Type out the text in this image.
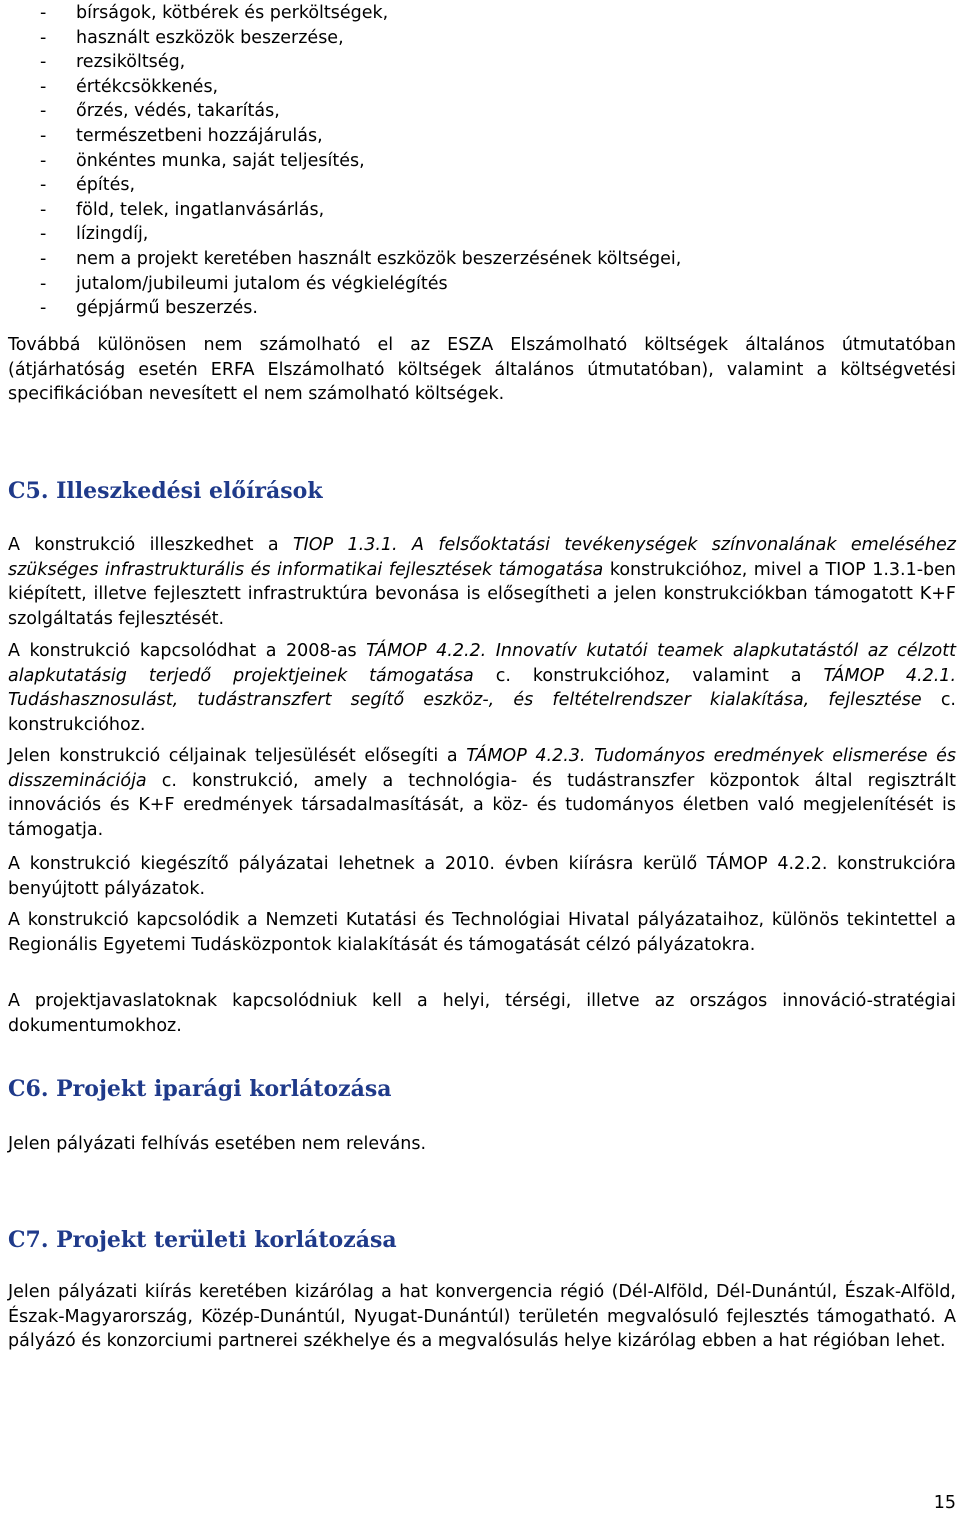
- bírságok, kötbérek és perköltségek,
- használt eszközök beszerzése,
- rezsiköltség,
- értékcsökkenés,
- őrzés, védés, takarítás,
- természetbeni hozzájárulás,
- önkéntes munka, saját teljesítés,
- építés,
- föld, telek, ingatlanvásárlás,
- lízingdíj,
- nem a projekt keretében használt eszközök beszerzésének költségei,
- jutalom/jubileumi jutalom és végkielégítés
- gépjármű beszerzés.

Továbbá különösen nem számolható el az ESZA Elszámolható költségek általános útmutatóban (átjárhatóság esetén ERFA Elszámolható költségek általános útmutatóban), valamint a költségvetési specifikációban nevesített el nem számolható költségek.

C5. Illeszkedési előírások

A konstrukció illeszkedhet a TIOP 1.3.1. A felsőoktatási tevékenységek színvonalának emeléséhez szükséges infrastrukturális és informatikai fejlesztések támogatása konstrukcióhoz, mivel a TIOP 1.3.1-ben kiépített, illetve fejlesztett infrastruktúra bevonása is elősegítheti a jelen konstrukciókban támogatott K+F szolgáltatás fejlesztését.

A konstrukció kapcsolódhat a 2008-as TÁMOP 4.2.2. Innovatív kutatói teamek alapkutatástól az célzott alapkutatásig terjedő projektjeinek támogatása c. konstrukcióhoz, valamint a TÁMOP 4.2.1. Tudáshasznosulást, tudástranszfert segítő eszköz-, és feltételrendszer kialakítása, fejlesztése c. konstrukcióhoz.

Jelen konstrukció céljainak teljesülését elősegíti a TÁMOP 4.2.3. Tudományos eredmények elismerése és disszeminációja c. konstrukció, amely a technológia- és tudástranszfer központok által regisztrált innovációs és K+F eredmények társadalmasítását, a köz- és tudományos életben való megjelenítését is támogatja.

A konstrukció kiegészítő pályázatai lehetnek a 2010. évben kiírásra kerülő TÁMOP 4.2.2. konstrukcióra benyújtott pályázatok.

A konstrukció kapcsolódik a Nemzeti Kutatási és Technológiai Hivatal pályázataihoz, különös tekintettel a Regionális Egyetemi Tudásközpontok kialakítását és támogatását célzó pályázatokra.

A projektjavaslatoknak kapcsolódniuk kell a helyi, térségi, illetve az országos innováció-stratégiai dokumentumokhoz.

C6. Projekt iparági korlátozása

Jelen pályázati felhívás esetében nem releváns.

C7. Projekt területi korlátozása

Jelen pályázati kiírás keretében kizárólag a hat konvergencia régió (Dél-Alföld, Dél-Dunántúl, Észak-Alföld, Észak-Magyarország, Közép-Dunántúl, Nyugat-Dunántúl) területén megvalósuló fejlesztés támogatható. A pályázó és konzorciumi partnerei székhelye és a megvalósulás helye kizárólag ebben a hat régióban lehet.

15
